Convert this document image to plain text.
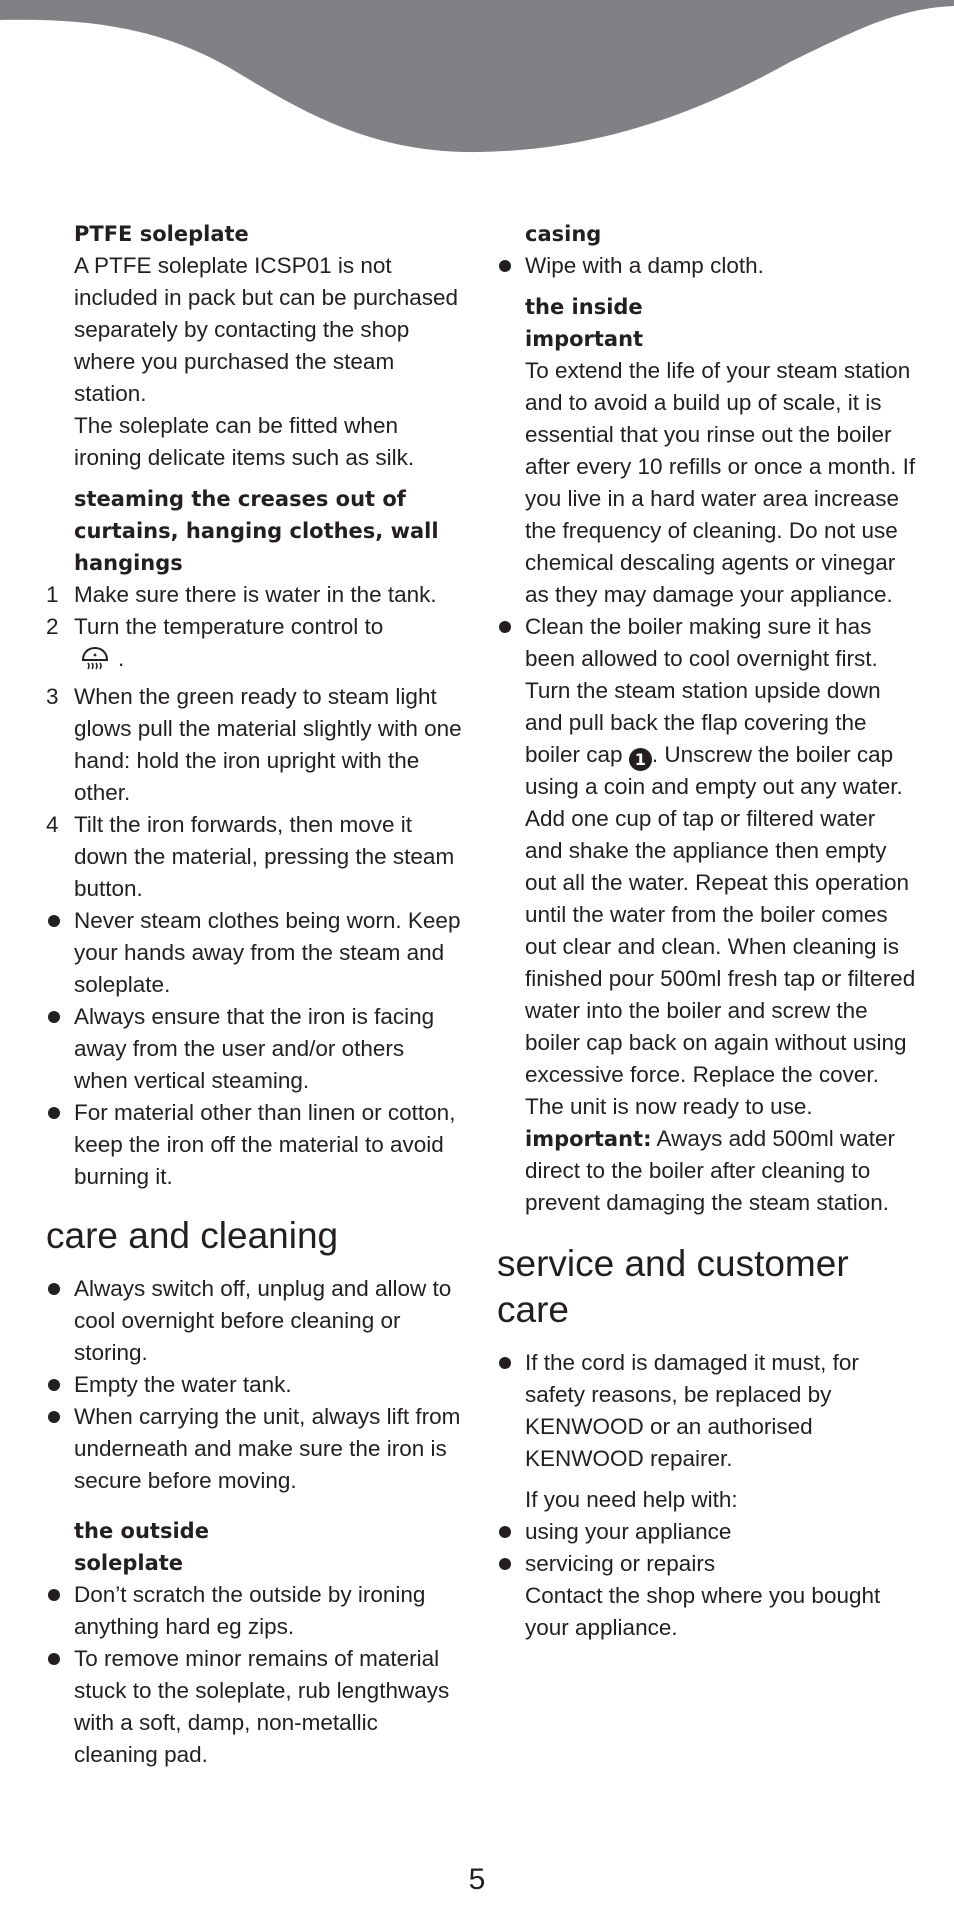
PTFE soleplate

A PTFE soleplate ICSP01 is not included in pack but can be purchased separately by contacting the shop where you purchased the steam station.

The soleplate can be fitted when ironing delicate items such as silk.

steaming the creases out of curtains, hanging clothes, wall hangings

1 Make sure there is water in the tank.
2 Turn the temperature control to
.
3 When the green ready to steam light glows pull the material slightly with one hand: hold the iron upright with the other.
4 Tilt the iron forwards, then move it down the material, pressing the steam button.
Never steam clothes being worn. Keep your hands away from the steam and soleplate.
Always ensure that the iron is facing away from the user and/or others when vertical steaming.
For material other than linen or cotton, keep the iron off the material to avoid burning it.
care and cleaning
Always switch off, unplug and allow to cool overnight before cleaning or storing.
Empty the water tank.
When carrying the unit, always lift from underneath and make sure the iron is secure before moving.

the outside

soleplate

Don’t scratch the outside by ironing anything hard eg zips.
To remove minor remains of material stuck to the soleplate, rub lengthways with a soft, damp, non-metallic cleaning pad.

casing

Wipe with a damp cloth.

the inside

important

To extend the life of your steam station and to avoid a build up of scale, it is essential that you rinse out the boiler after every 10 refills or once a month. If you live in a hard water area increase the frequency of cleaning. Do not use chemical descaling agents or vinegar as they may damage your appliance.

Clean the boiler making sure it has been allowed to cool overnight first. Turn the steam station upside down and pull back the flap covering the boiler cap 1 . Unscrew the boiler cap using a coin and empty out any water. Add one cup of tap or filtered water and shake the appliance then empty out all the water. Repeat this operation until the water from the boiler comes out clear and clean. When cleaning is finished pour 500ml fresh tap or filtered water into the boiler and screw the boiler cap back on again without using excessive force. Replace the cover. The unit is now ready to use. important: Aways add 500ml water direct to the boiler after cleaning to prevent damaging the steam station.
service and customer care
If the cord is damaged it must, for safety reasons, be replaced by KENWOOD or an authorised KENWOOD repairer.

If you need help with:

using your appliance
servicing or repairs

Contact the shop where you bought your appliance.

5
